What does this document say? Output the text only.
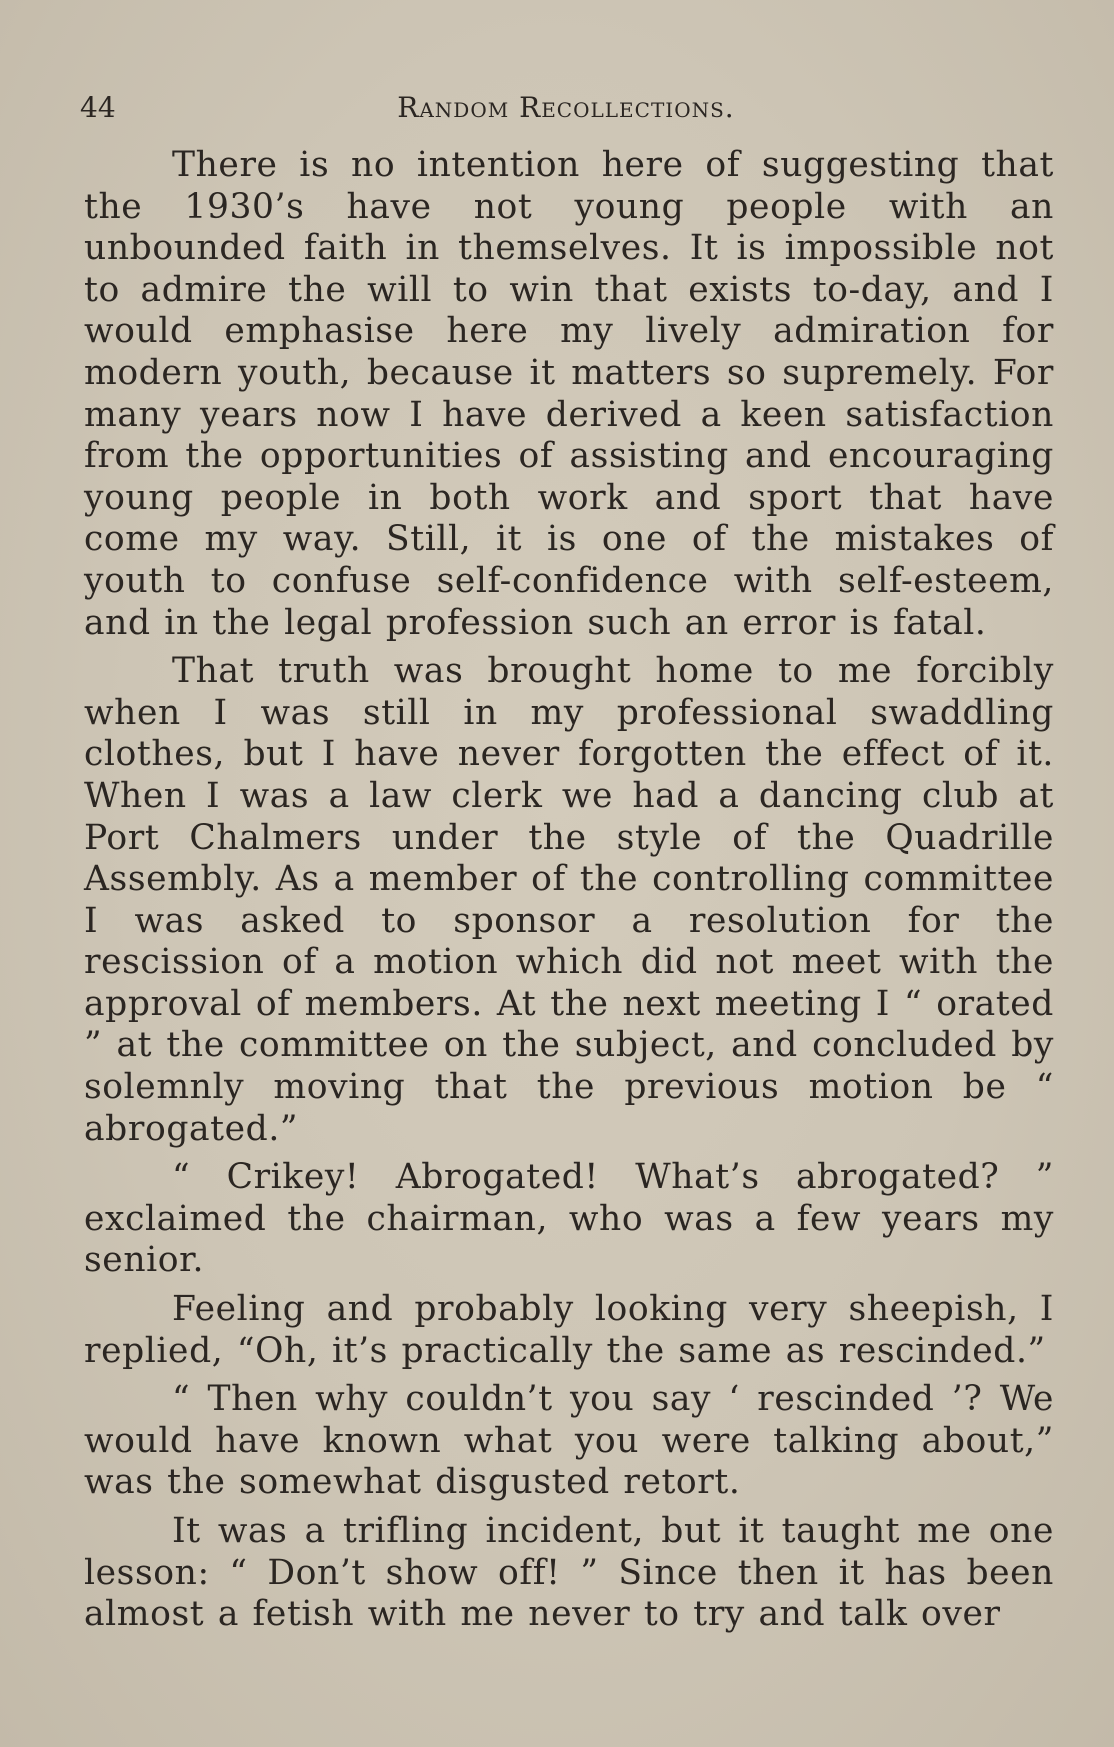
44	Random Recollections.

There is no intention here of suggesting that the 1930’s have not young people with an unbounded faith in themselves. It is impossible not to admire the will to win that exists to-day, and I would emphasise here my lively admiration for modern youth, because it matters so supremely. For many years now I have derived a keen satisfaction from the opportunities of assisting and encouraging young people in both work and sport that have come my way. Still, it is one of the mistakes of youth to confuse self-confidence with self-esteem, and in the legal profession such an error is fatal.

That truth was brought home to me forcibly when I was still in my professional swaddling clothes, but I have never forgotten the effect of it. When I was a law clerk we had a dancing club at Port Chalmers under the style of the Quadrille Assembly. As a member of the controlling committee I was asked to sponsor a resolution for the rescission of a motion which did not meet with the approval of members. At the next meeting I “ orated ” at the committee on the subject, and concluded by solemnly moving that the previous motion be “ abrogated.”

“ Crikey! Abrogated! What’s abrogated? ” exclaimed the chairman, who was a few years my senior.

Feeling and probably looking very sheepish, I replied, “Oh, it’s practically the same as rescinded.”

“ Then why couldn’t you say ‘ rescinded ’? We would have known what you were talking about,” was the somewhat disgusted retort.

It was a trifling incident, but it taught me one lesson: “ Don’t show off! ” Since then it has been almost a fetish with me never to try and talk over
